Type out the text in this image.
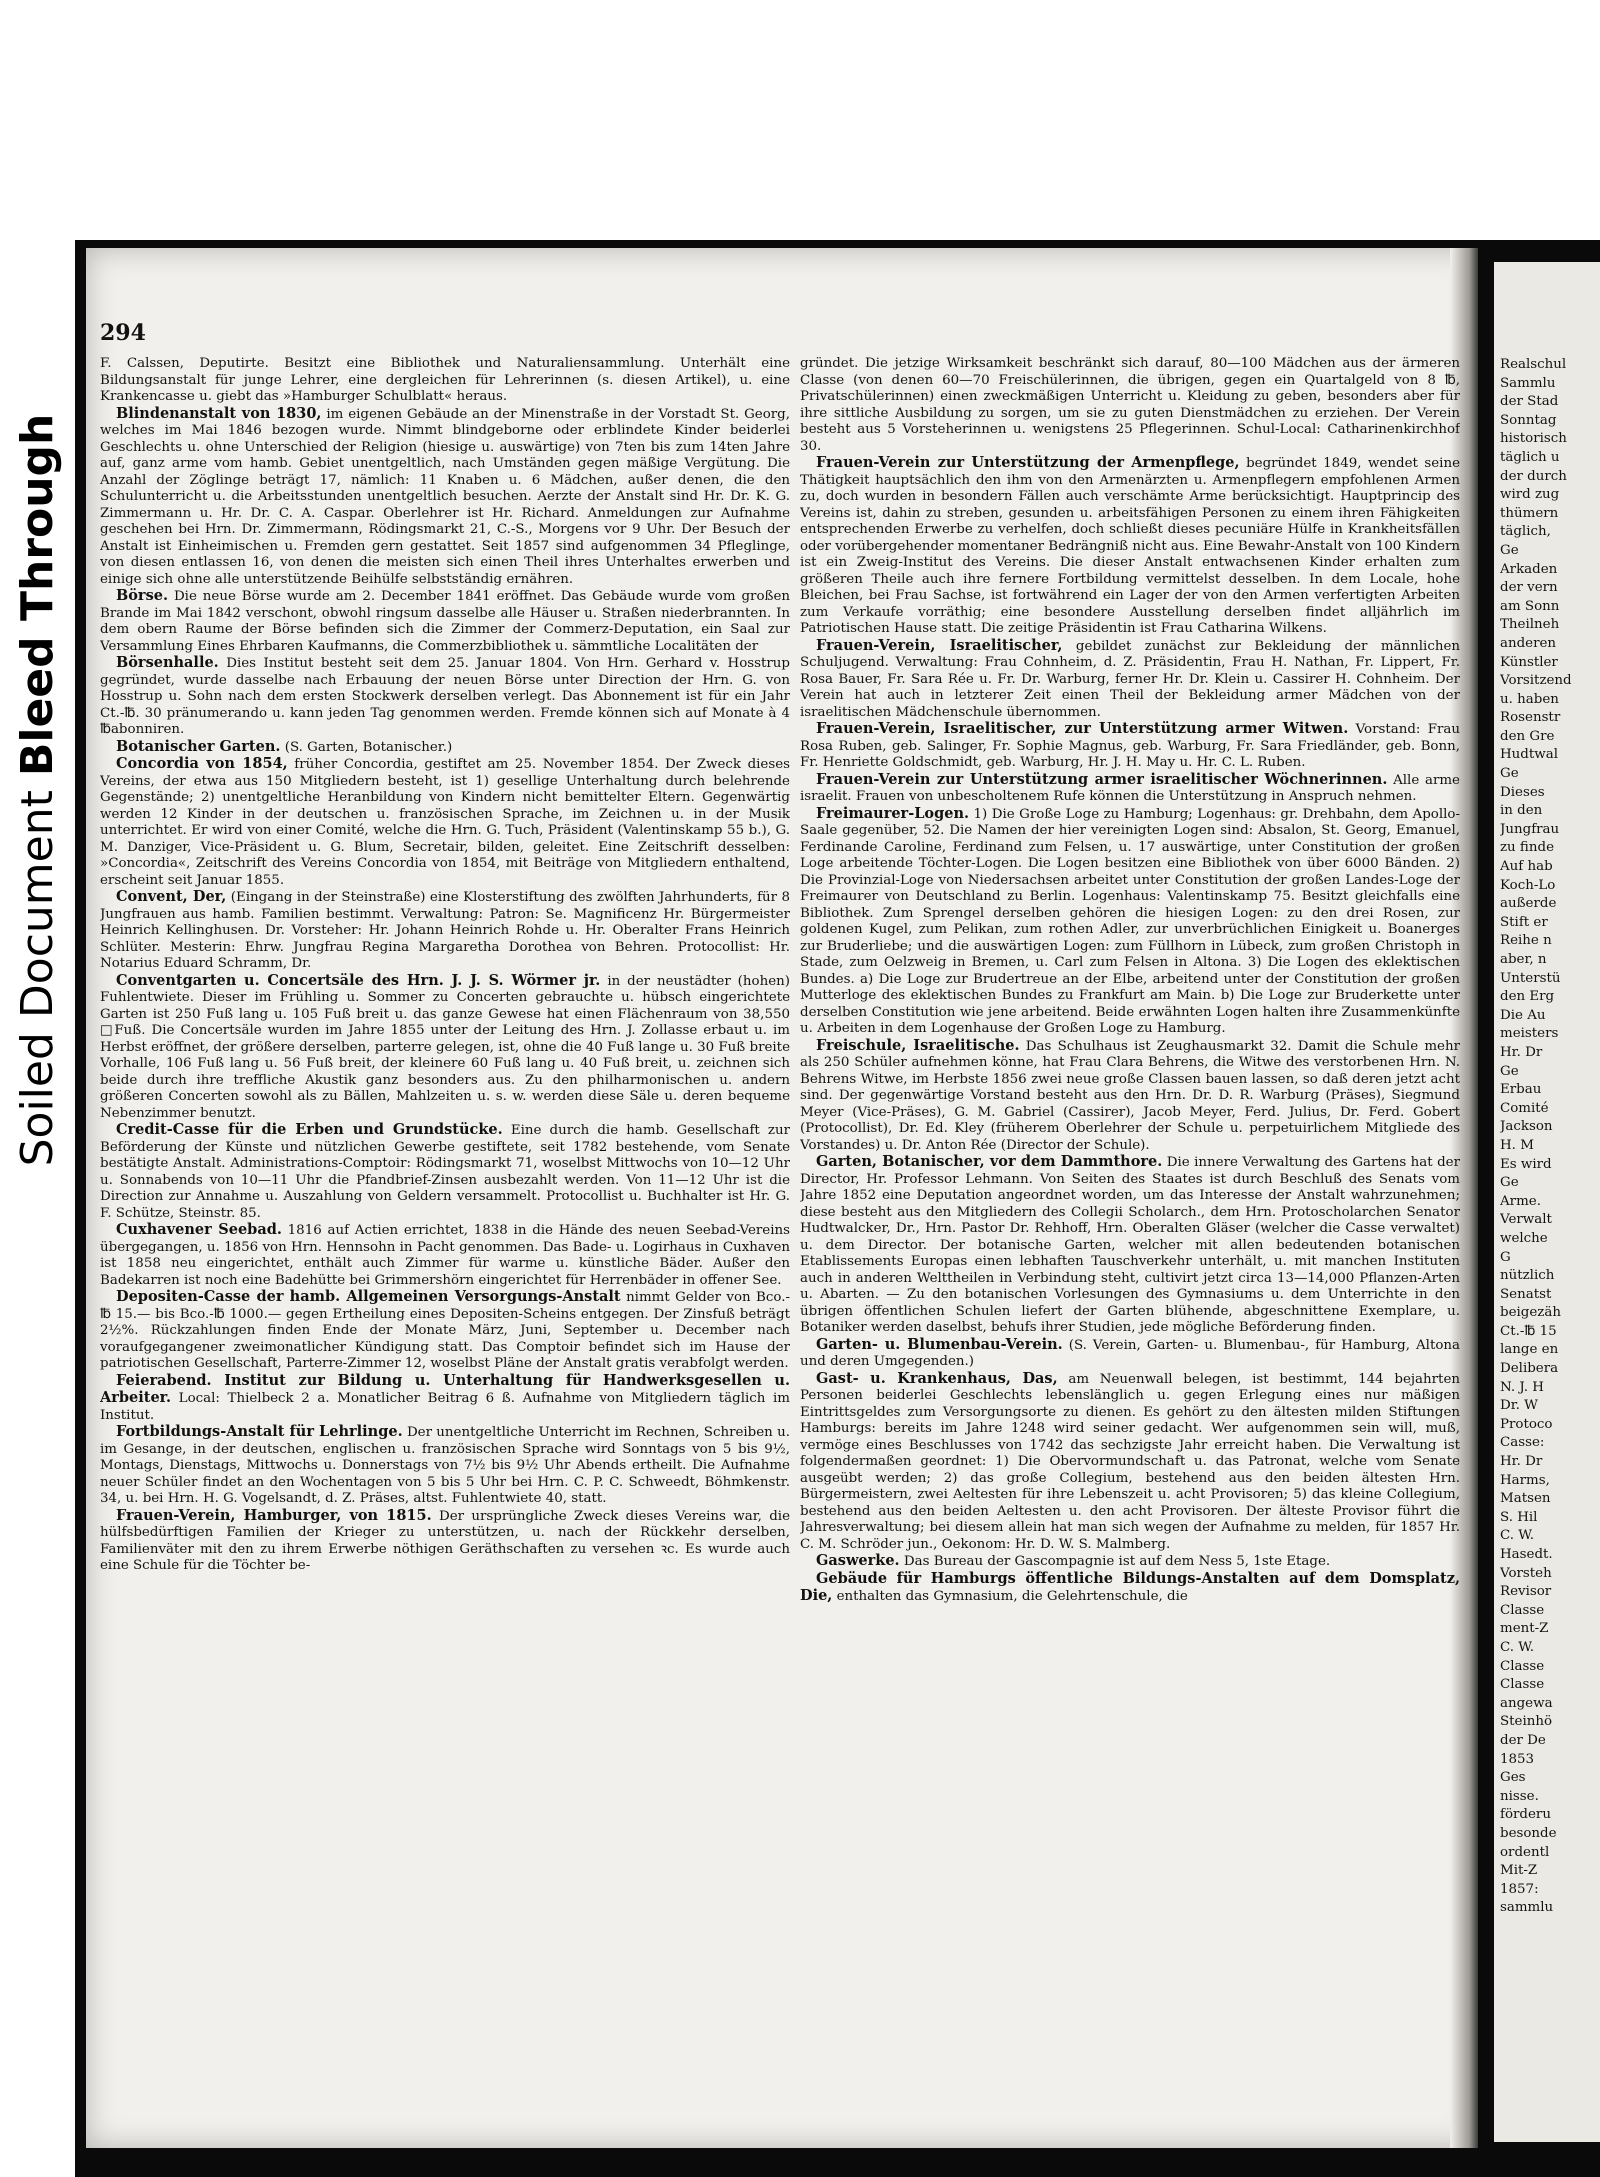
Soiled Document
Bleed Through
294

F. Calssen, Deputirte. Besitzt eine Bibliothek und Naturaliensammlung. Unterhält eine Bildungsanstalt für junge Lehrer, eine dergleichen für Lehrerinnen (s. diesen Artikel), u. eine Krankencasse u. giebt das »Hamburger Schulblatt« heraus.

Blindenanstalt von 1830, im eigenen Gebäude an der Minenstraße in der Vorstadt St. Georg, welches im Mai 1846 bezogen wurde. Nimmt blindgeborne oder erblindete Kinder beiderlei Geschlechts u. ohne Unterschied der Religion (hiesige u. auswärtige) von 7ten bis zum 14ten Jahre auf, ganz arme vom hamb. Gebiet unentgeltlich, nach Umständen gegen mäßige Vergütung. Die Anzahl der Zöglinge beträgt 17, nämlich: 11 Knaben u. 6 Mädchen, außer denen, die den Schulunterricht u. die Arbeitsstunden unentgeltlich besuchen. Aerzte der Anstalt sind Hr. Dr. K. G. Zimmermann u. Hr. Dr. C. A. Caspar. Oberlehrer ist Hr. Richard. Anmeldungen zur Aufnahme geschehen bei Hrn. Dr. Zimmermann, Rödingsmarkt 21, C.-S., Morgens vor 9 Uhr. Der Besuch der Anstalt ist Einheimischen u. Fremden gern gestattet. Seit 1857 sind aufgenommen 34 Pfleglinge, von diesen entlassen 16, von denen die meisten sich einen Theil ihres Unterhaltes erwerben und einige sich ohne alle unterstützende Beihülfe selbstständig ernähren.

Börse. Die neue Börse wurde am 2. December 1841 eröffnet. Das Gebäude wurde vom großen Brande im Mai 1842 verschont, obwohl ringsum dasselbe alle Häuser u. Straßen niederbrannten. In dem obern Raume der Börse befinden sich die Zimmer der Commerz-Deputation, ein Saal zur Versammlung Eines Ehrbaren Kaufmanns, die Commerzbibliothek u. sämmtliche Localitäten der

Börsenhalle. Dies Institut besteht seit dem 25. Januar 1804. Von Hrn. Gerhard v. Hosstrup gegründet, wurde dasselbe nach Erbauung der neuen Börse unter Direction der Hrn. G. von Hosstrup u. Sohn nach dem ersten Stockwerk derselben verlegt. Das Abonnement ist für ein Jahr Ct.-℔. 30 pränumerando u. kann jeden Tag genommen werden. Fremde können sich auf Monate à 4 ℔abonniren.

Botanischer Garten. (S. Garten, Botanischer.)

Concordia von 1854, früher Concordia, gestiftet am 25. November 1854. Der Zweck dieses Vereins, der etwa aus 150 Mitgliedern besteht, ist 1) gesellige Unterhaltung durch belehrende Gegenstände; 2) unentgeltliche Heranbildung von Kindern nicht bemittelter Eltern. Gegenwärtig werden 12 Kinder in der deutschen u. französischen Sprache, im Zeichnen u. in der Musik unterrichtet. Er wird von einer Comité, welche die Hrn. G. Tuch, Präsident (Valentinskamp 55 b.), G. M. Danziger, Vice-Präsident u. G. Blum, Secretair, bilden, geleitet. Eine Zeitschrift desselben: »Concordia«, Zeitschrift des Vereins Concordia von 1854, mit Beiträge von Mitgliedern enthaltend, erscheint seit Januar 1855.

Convent, Der, (Eingang in der Steinstraße) eine Klosterstiftung des zwölften Jahrhunderts, für 8 Jungfrauen aus hamb. Familien bestimmt. Verwaltung: Patron: Se. Magnificenz Hr. Bürgermeister Heinrich Kellinghusen. Dr. Vorsteher: Hr. Johann Heinrich Rohde u. Hr. Oberalter Frans Heinrich Schlüter. Mesterin: Ehrw. Jungfrau Regina Margaretha Dorothea von Behren. Protocollist: Hr. Notarius Eduard Schramm, Dr.

Conventgarten u. Concertsäle des Hrn. J. J. S. Wörmer jr. in der neustädter (hohen) Fuhlentwiete. Dieser im Frühling u. Sommer zu Concerten gebrauchte u. hübsch eingerichtete Garten ist 250 Fuß lang u. 105 Fuß breit u. das ganze Gewese hat einen Flächenraum von 38,550 □Fuß. Die Concertsäle wurden im Jahre 1855 unter der Leitung des Hrn. J. Zollasse erbaut u. im Herbst eröffnet, der größere derselben, parterre gelegen, ist, ohne die 40 Fuß lange u. 30 Fuß breite Vorhalle, 106 Fuß lang u. 56 Fuß breit, der kleinere 60 Fuß lang u. 40 Fuß breit, u. zeichnen sich beide durch ihre treffliche Akustik ganz besonders aus. Zu den philharmonischen u. andern größeren Concerten sowohl als zu Bällen, Mahlzeiten u. s. w. werden diese Säle u. deren bequeme Nebenzimmer benutzt.

Credit-Casse für die Erben und Grundstücke. Eine durch die hamb. Gesellschaft zur Beförderung der Künste und nützlichen Gewerbe gestiftete, seit 1782 bestehende, vom Senate bestätigte Anstalt. Administrations-Comptoir: Rödingsmarkt 71, woselbst Mittwochs von 10—12 Uhr u. Sonnabends von 10—11 Uhr die Pfandbrief-Zinsen ausbezahlt werden. Von 11—12 Uhr ist die Direction zur Annahme u. Auszahlung von Geldern versammelt. Protocollist u. Buchhalter ist Hr. G. F. Schütze, Steinstr. 85.

Cuxhavener Seebad. 1816 auf Actien errichtet, 1838 in die Hände des neuen Seebad-Vereins übergegangen, u. 1856 von Hrn. Hennsohn in Pacht genommen. Das Bade- u. Logirhaus in Cuxhaven ist 1858 neu eingerichtet, enthält auch Zimmer für warme u. künstliche Bäder. Außer den Badekarren ist noch eine Badehütte bei Grimmershörn eingerichtet für Herrenbäder in offener See.

Depositen-Casse der hamb. Allgemeinen Versorgungs-Anstalt nimmt Gelder von Bco.-℔ 15.— bis Bco.-℔ 1000.— gegen Ertheilung eines Depositen-Scheins entgegen. Der Zinsfuß beträgt 2½%. Rückzahlungen finden Ende der Monate März, Juni, September u. December nach voraufgegangener zweimonatlicher Kündigung statt. Das Comptoir befindet sich im Hause der patriotischen Gesellschaft, Parterre-Zimmer 12, woselbst Pläne der Anstalt gratis verabfolgt werden.

Feierabend. Institut zur Bildung u. Unterhaltung für Handwerksgesellen u. Arbeiter. Local: Thielbeck 2 a. Monatlicher Beitrag 6 ß. Aufnahme von Mitgliedern täglich im Institut.

Fortbildungs-Anstalt für Lehrlinge. Der unentgeltliche Unterricht im Rechnen, Schreiben u. im Gesange, in der deutschen, englischen u. französischen Sprache wird Sonntags von 5 bis 9½, Montags, Dienstags, Mittwochs u. Donnerstags von 7½ bis 9½ Uhr Abends ertheilt. Die Aufnahme neuer Schüler findet an den Wochentagen von 5 bis 5 Uhr bei Hrn. C. P. C. Schweedt, Böhmkenstr. 34, u. bei Hrn. H. G. Vogelsandt, d. Z. Präses, altst. Fuhlentwiete 40, statt.

Frauen-Verein, Hamburger, von 1815. Der ursprüngliche Zweck dieses Vereins war, die hülfsbedürftigen Familien der Krieger zu unterstützen, u. nach der Rückkehr derselben, Familienväter mit den zu ihrem Erwerbe nöthigen Geräthschaften zu versehen ꝛc. Es wurde auch eine Schule für die Töchter be-

gründet. Die jetzige Wirksamkeit beschränkt sich darauf, 80—100 Mädchen aus der ärmeren Classe (von denen 60—70 Freischülerinnen, die übrigen, gegen ein Quartalgeld von 8 ℔, Privatschülerinnen) einen zweckmäßigen Unterricht u. Kleidung zu geben, besonders aber für ihre sittliche Ausbildung zu sorgen, um sie zu guten Dienstmädchen zu erziehen. Der Verein besteht aus 5 Vorsteherinnen u. wenigstens 25 Pflegerinnen. Schul-Local: Catharinenkirchhof 30.

Frauen-Verein zur Unterstützung der Armenpflege, begründet 1849, wendet seine Thätigkeit hauptsächlich den ihm von den Armenärzten u. Armenpflegern empfohlenen Armen zu, doch wurden in besondern Fällen auch verschämte Arme berücksichtigt. Hauptprincip des Vereins ist, dahin zu streben, gesunden u. arbeitsfähigen Personen zu einem ihren Fähigkeiten entsprechenden Erwerbe zu verhelfen, doch schließt dieses pecuniäre Hülfe in Krankheitsfällen oder vorübergehender momentaner Bedrängniß nicht aus. Eine Bewahr-Anstalt von 100 Kindern ist ein Zweig-Institut des Vereins. Die dieser Anstalt entwachsenen Kinder erhalten zum größeren Theile auch ihre fernere Fortbildung vermittelst desselben. In dem Locale, hohe Bleichen, bei Frau Sachse, ist fortwährend ein Lager der von den Armen verfertigten Arbeiten zum Verkaufe vorräthig; eine besondere Ausstellung derselben findet alljährlich im Patriotischen Hause statt. Die zeitige Präsidentin ist Frau Catharina Wilkens.

Frauen-Verein, Israelitischer, gebildet zunächst zur Bekleidung der männlichen Schuljugend. Verwaltung: Frau Cohnheim, d. Z. Präsidentin, Frau H. Nathan, Fr. Lippert, Fr. Rosa Bauer, Fr. Sara Rée u. Fr. Dr. Warburg, ferner Hr. Dr. Klein u. Cassirer H. Cohnheim. Der Verein hat auch in letzterer Zeit einen Theil der Bekleidung armer Mädchen von der israelitischen Mädchenschule übernommen.

Frauen-Verein, Israelitischer, zur Unterstützung armer Witwen. Vorstand: Frau Rosa Ruben, geb. Salinger, Fr. Sophie Magnus, geb. Warburg, Fr. Sara Friedländer, geb. Bonn, Fr. Henriette Goldschmidt, geb. Warburg, Hr. J. H. May u. Hr. C. L. Ruben.

Frauen-Verein zur Unterstützung armer israelitischer Wöchnerinnen. Alle arme israelit. Frauen von unbescholtenem Rufe können die Unterstützung in Anspruch nehmen.

Freimaurer-Logen. 1) Die Große Loge zu Hamburg; Logenhaus: gr. Drehbahn, dem Apollo-Saale gegenüber, 52. Die Namen der hier vereinigten Logen sind: Absalon, St. Georg, Emanuel, Ferdinande Caroline, Ferdinand zum Felsen, u. 17 auswärtige, unter Constitution der großen Loge arbeitende Töchter-Logen. Die Logen besitzen eine Bibliothek von über 6000 Bänden. 2) Die Provinzial-Loge von Niedersachsen arbeitet unter Constitution der großen Landes-Loge der Freimaurer von Deutschland zu Berlin. Logenhaus: Valentinskamp 75. Besitzt gleichfalls eine Bibliothek. Zum Sprengel derselben gehören die hiesigen Logen: zu den drei Rosen, zur goldenen Kugel, zum Pelikan, zum rothen Adler, zur unverbrüchlichen Einigkeit u. Boanerges zur Bruderliebe; und die auswärtigen Logen: zum Füllhorn in Lübeck, zum großen Christoph in Stade, zum Oelzweig in Bremen, u. Carl zum Felsen in Altona. 3) Die Logen des eklektischen Bundes. a) Die Loge zur Brudertreue an der Elbe, arbeitend unter der Constitution der großen Mutterloge des eklektischen Bundes zu Frankfurt am Main. b) Die Loge zur Bruderkette unter derselben Constitution wie jene arbeitend. Beide erwähnten Logen halten ihre Zusammenkünfte u. Arbeiten in dem Logenhause der Großen Loge zu Hamburg.

Freischule, Israelitische. Das Schulhaus ist Zeughausmarkt 32. Damit die Schule mehr als 250 Schüler aufnehmen könne, hat Frau Clara Behrens, die Witwe des verstorbenen Hrn. N. Behrens Witwe, im Herbste 1856 zwei neue große Classen bauen lassen, so daß deren jetzt acht sind. Der gegenwärtige Vorstand besteht aus den Hrn. Dr. D. R. Warburg (Präses), Siegmund Meyer (Vice-Präses), G. M. Gabriel (Cassirer), Jacob Meyer, Ferd. Julius, Dr. Ferd. Gobert (Protocollist), Dr. Ed. Kley (früherem Oberlehrer der Schule u. perpetuirlichem Mitgliede des Vorstandes) u. Dr. Anton Rée (Director der Schule).

Garten, Botanischer, vor dem Dammthore. Die innere Verwaltung des Gartens hat der Director, Hr. Professor Lehmann. Von Seiten des Staates ist durch Beschluß des Senats vom Jahre 1852 eine Deputation angeordnet worden, um das Interesse der Anstalt wahrzunehmen; diese besteht aus den Mitgliedern des Collegii Scholarch., dem Hrn. Protoscholarchen Senator Hudtwalcker, Dr., Hrn. Pastor Dr. Rehhoff, Hrn. Oberalten Gläser (welcher die Casse verwaltet) u. dem Director. Der botanische Garten, welcher mit allen bedeutenden botanischen Etablissements Europas einen lebhaften Tauschverkehr unterhält, u. mit manchen Instituten auch in anderen Welttheilen in Verbindung steht, cultivirt jetzt circa 13—14,000 Pflanzen-Arten u. Abarten. — Zu den botanischen Vorlesungen des Gymnasiums u. dem Unterrichte in den übrigen öffentlichen Schulen liefert der Garten blühende, abgeschnittene Exemplare, u. Botaniker werden daselbst, behufs ihrer Studien, jede mögliche Beförderung finden.

Garten- u. Blumenbau-Verein. (S. Verein, Garten- u. Blumenbau-, für Hamburg, Altona und deren Umgegenden.)

Gast- u. Krankenhaus, Das, am Neuenwall belegen, ist bestimmt, 144 bejahrten Personen beiderlei Geschlechts lebenslänglich u. gegen Erlegung eines nur mäßigen Eintrittsgeldes zum Versorgungsorte zu dienen. Es gehört zu den ältesten milden Stiftungen Hamburgs: bereits im Jahre 1248 wird seiner gedacht. Wer aufgenommen sein will, muß, vermöge eines Beschlusses von 1742 das sechzigste Jahr erreicht haben. Die Verwaltung ist folgendermaßen geordnet: 1) Die Obervormundschaft u. das Patronat, welche vom Senate ausgeübt werden; 2) das große Collegium, bestehend aus den beiden ältesten Hrn. Bürgermeistern, zwei Aeltesten für ihre Lebenszeit u. acht Provisoren; 5) das kleine Collegium, bestehend aus den beiden Aeltesten u. den acht Provisoren. Der älteste Provisor führt die Jahresverwaltung; bei diesem allein hat man sich wegen der Aufnahme zu melden, für 1857 Hr. C. M. Schröder jun., Oekonom: Hr. D. W. S. Malmberg.

Gaswerke. Das Bureau der Gascompagnie ist auf dem Ness 5, 1ste Etage.

Gebäude für Hamburgs öffentliche Bildungs-Anstalten auf dem Domsplatz, Die, enthalten das Gymnasium, die Gelehrtenschule, die

Realschul
Sammlu
der Stad
Sonntag
historisch
täglich u
der durch
wird zug
thümern
täglich,
Ge
Arkaden
der vern
am Sonn
Theilneh
anderen
Künstler
Vorsitzend
u. haben
Rosenstr
den Gre
Hudtwal
Ge
Dieses
in den
Jungfrau
zu finde
Auf hab
Koch-Lo
außerde
Stift er
Reihe n
aber, n
Unterstü
den Erg
Die Au
meisters
Hr. Dr
Ge
Erbau
Comité
Jackson
H. M
Es wird
Ge
Arme.
Verwalt
welche
G
nützlich
Senatst
beigezäh
Ct.-℔ 15
lange en
Delibera
N. J. H
Dr. W
Protoco
Casse:
Hr. Dr
Harms,
Matsen
S. Hil
C. W.
Hasedt.
Vorsteh
Revisor
Classe
ment-Z
C. W.
Classe
Classe
angewa
Steinhö
der De
1853
Ges
nisse.
förderu
besonde
ordentl
Mit-Z
1857:
sammlu
